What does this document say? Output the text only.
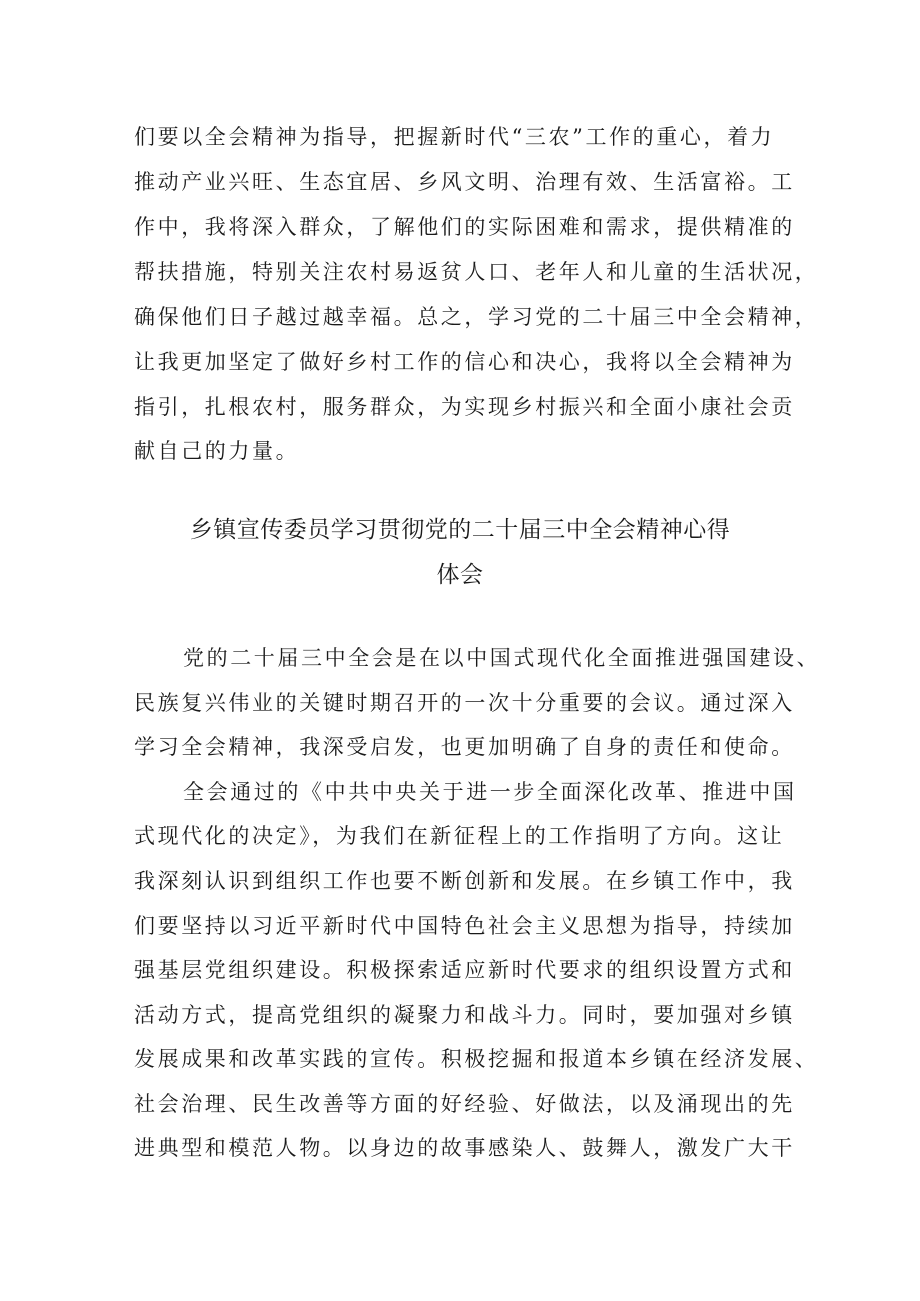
们要以全会精神为指导，把握新时代“三农”工作的重心，着力
推动产业兴旺、生态宜居、乡风文明、治理有效、生活富裕。工
作中，我将深入群众，了解他们的实际困难和需求，提供精准的
帮扶措施，特别关注农村易返贫人口、老年人和儿童的生活状况，
确保他们日子越过越幸福。总之，学习党的二十届三中全会精神，
让我更加坚定了做好乡村工作的信心和决心，我将以全会精神为
指引，扎根农村，服务群众，为实现乡村振兴和全面小康社会贡
献自己的力量。
乡镇宣传委员学习贯彻党的二十届三中全会精神心得
体会
党的二十届三中全会是在以中国式现代化全面推进强国建设、
民族复兴伟业的关键时期召开的一次十分重要的会议。通过深入
学习全会精神，我深受启发，也更加明确了自身的责任和使命。
全会通过的《中共中央关于进一步全面深化改革、推进中国
式现代化的决定》，为我们在新征程上的工作指明了方向。这让
我深刻认识到组织工作也要不断创新和发展。在乡镇工作中，我
们要坚持以习近平新时代中国特色社会主义思想为指导，持续加
强基层党组织建设。积极探索适应新时代要求的组织设置方式和
活动方式，提高党组织的凝聚力和战斗力。同时，要加强对乡镇
发展成果和改革实践的宣传。积极挖掘和报道本乡镇在经济发展、
社会治理、民生改善等方面的好经验、好做法，以及涌现出的先
进典型和模范人物。以身边的故事感染人、鼓舞人，激发广大干
